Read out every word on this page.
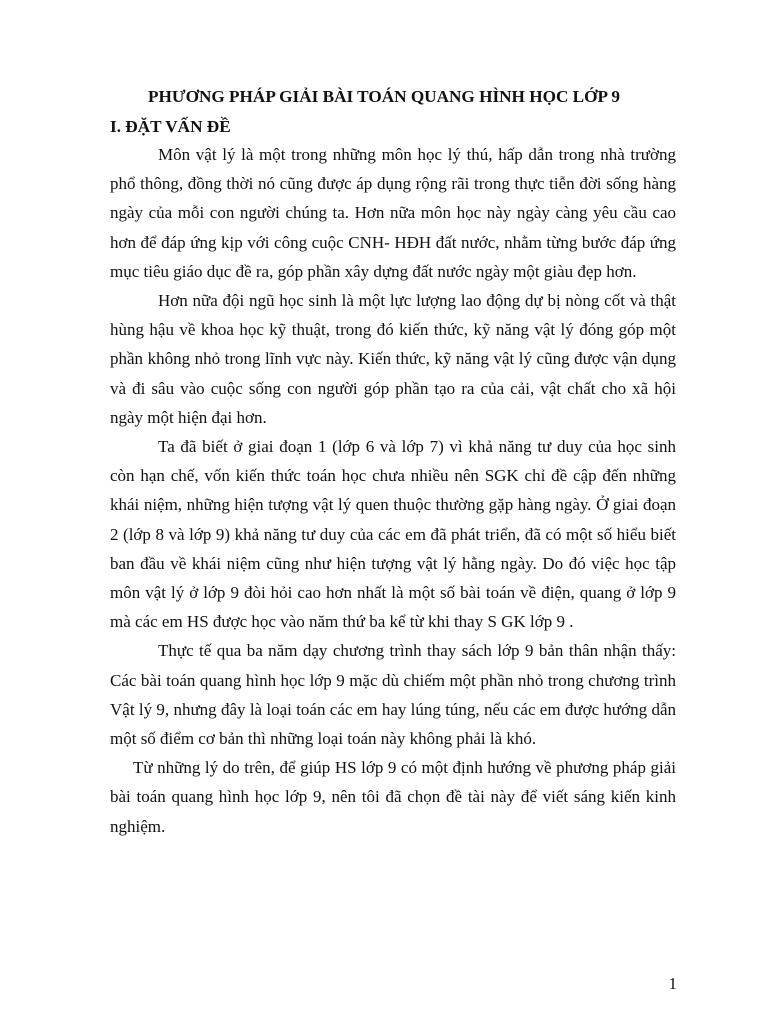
PHƯƠNG PHÁP GIẢI BÀI TOÁN QUANG HÌNH HỌC LỚP 9
I. ĐẶT VẤN ĐỀ

Môn vật lý là một trong những môn học lý thú, hấp dẫn trong nhà trường phổ thông, đồng thời nó cũng được áp dụng rộng rãi trong thực tiễn đời sống hàng ngày của mỗi con người chúng ta. Hơn nữa môn học này ngày càng yêu cầu cao hơn để đáp ứng kịp với công cuộc CNH- HĐH đất nước, nhằm từng bước đáp ứng mục tiêu giáo dục đề ra, góp phần xây dựng đất nước ngày một giàu đẹp hơn.

Hơn nữa đội ngũ học sinh là một lực lượng lao động dự bị nòng cốt và thật hùng hậu về khoa học kỹ thuật, trong đó kiến thức, kỹ năng vật lý đóng góp một phần không nhỏ trong lĩnh vực này. Kiến thức, kỹ năng vật lý cũng được vận dụng và đi sâu vào cuộc sống con người góp phần tạo ra của cải, vật chất cho xã hội ngày một hiện đại hơn.

Ta đã biết ở giai đoạn 1 (lớp 6 và lớp 7) vì khả năng tư duy của học sinh còn hạn chế, vốn kiến thức toán học chưa nhiều nên SGK chỉ đề cập đến những khái niệm, những hiện tượng vật lý quen thuộc thường gặp hàng ngày. Ở giai đoạn 2 (lớp 8 và lớp 9) khả năng tư duy của các em đã phát triển, đã có một số hiểu biết ban đầu về khái niệm cũng như hiện tượng vật lý hằng ngày. Do đó việc học tập môn vật lý ở lớp 9 đòi hỏi cao hơn nhất là một số bài toán về điện, quang ở lớp 9 mà các em HS được học vào năm thứ ba kể từ khi thay S GK lớp 9 .

Thực tế qua ba năm dạy chương trình thay sách lớp 9 bản thân nhận thấy: Các bài toán quang hình học lớp 9 mặc dù chiếm một phần nhỏ trong chương trình Vật lý 9, nhưng đây là loại toán các em hay lúng túng, nếu các em được hướng dẫn một số điểm cơ bản thì những loại toán này không phải là khó.

Từ những lý do trên, để giúp HS lớp 9 có một định hướng về phương pháp giải bài toán quang hình học lớp 9, nên tôi đã chọn đề tài này để viết sáng kiến kinh nghiệm.

1
